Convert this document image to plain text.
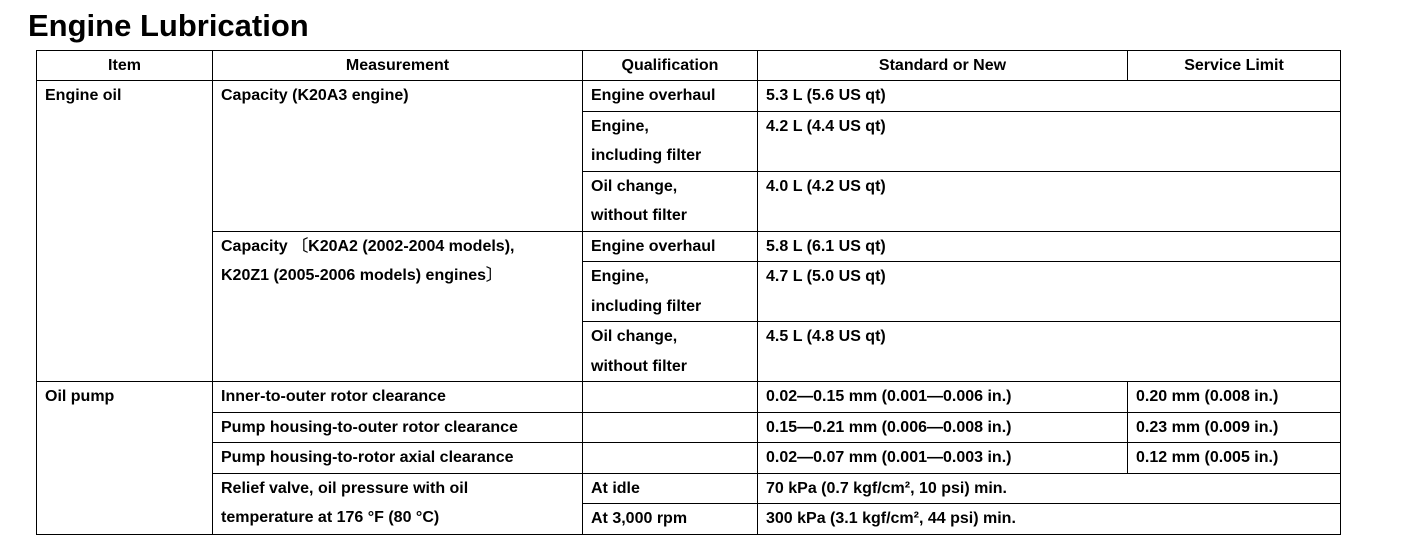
Engine Lubrication
Item	Measurement	Qualification	Standard or New	Service Limit
Engine oil	Capacity (K20A3 engine)	Engine overhaul	5.3 L (5.6 US qt)	
		Engine,
including filter	4.2 L (4.4 US qt)	
		Oil change,
without filter	4.0 L (4.2 US qt)	
	Capacity 〔K20A2 (2002-2004 models),
K20Z1 (2005-2006 models) engines〕	Engine overhaul	5.8 L (6.1 US qt)	
		Engine,
including filter	4.7 L (5.0 US qt)	
		Oil change,
without filter	4.5 L (4.8 US qt)	
Oil pump	Inner-to-outer rotor clearance		0.02—0.15 mm (0.001—0.006 in.)	0.20 mm (0.008 in.)
	Pump housing-to-outer rotor clearance		0.15—0.21 mm (0.006—0.008 in.)	0.23 mm (0.009 in.)
	Pump housing-to-rotor axial clearance		0.02—0.07 mm (0.001—0.003 in.)	0.12 mm (0.005 in.)
	Relief valve, oil pressure with oil
temperature at 176 °F (80 °C)	At idle	70 kPa (0.7 kgf/cm², 10 psi) min.	
		At 3,000 rpm	300 kPa (3.1 kgf/cm², 44 psi) min.	
